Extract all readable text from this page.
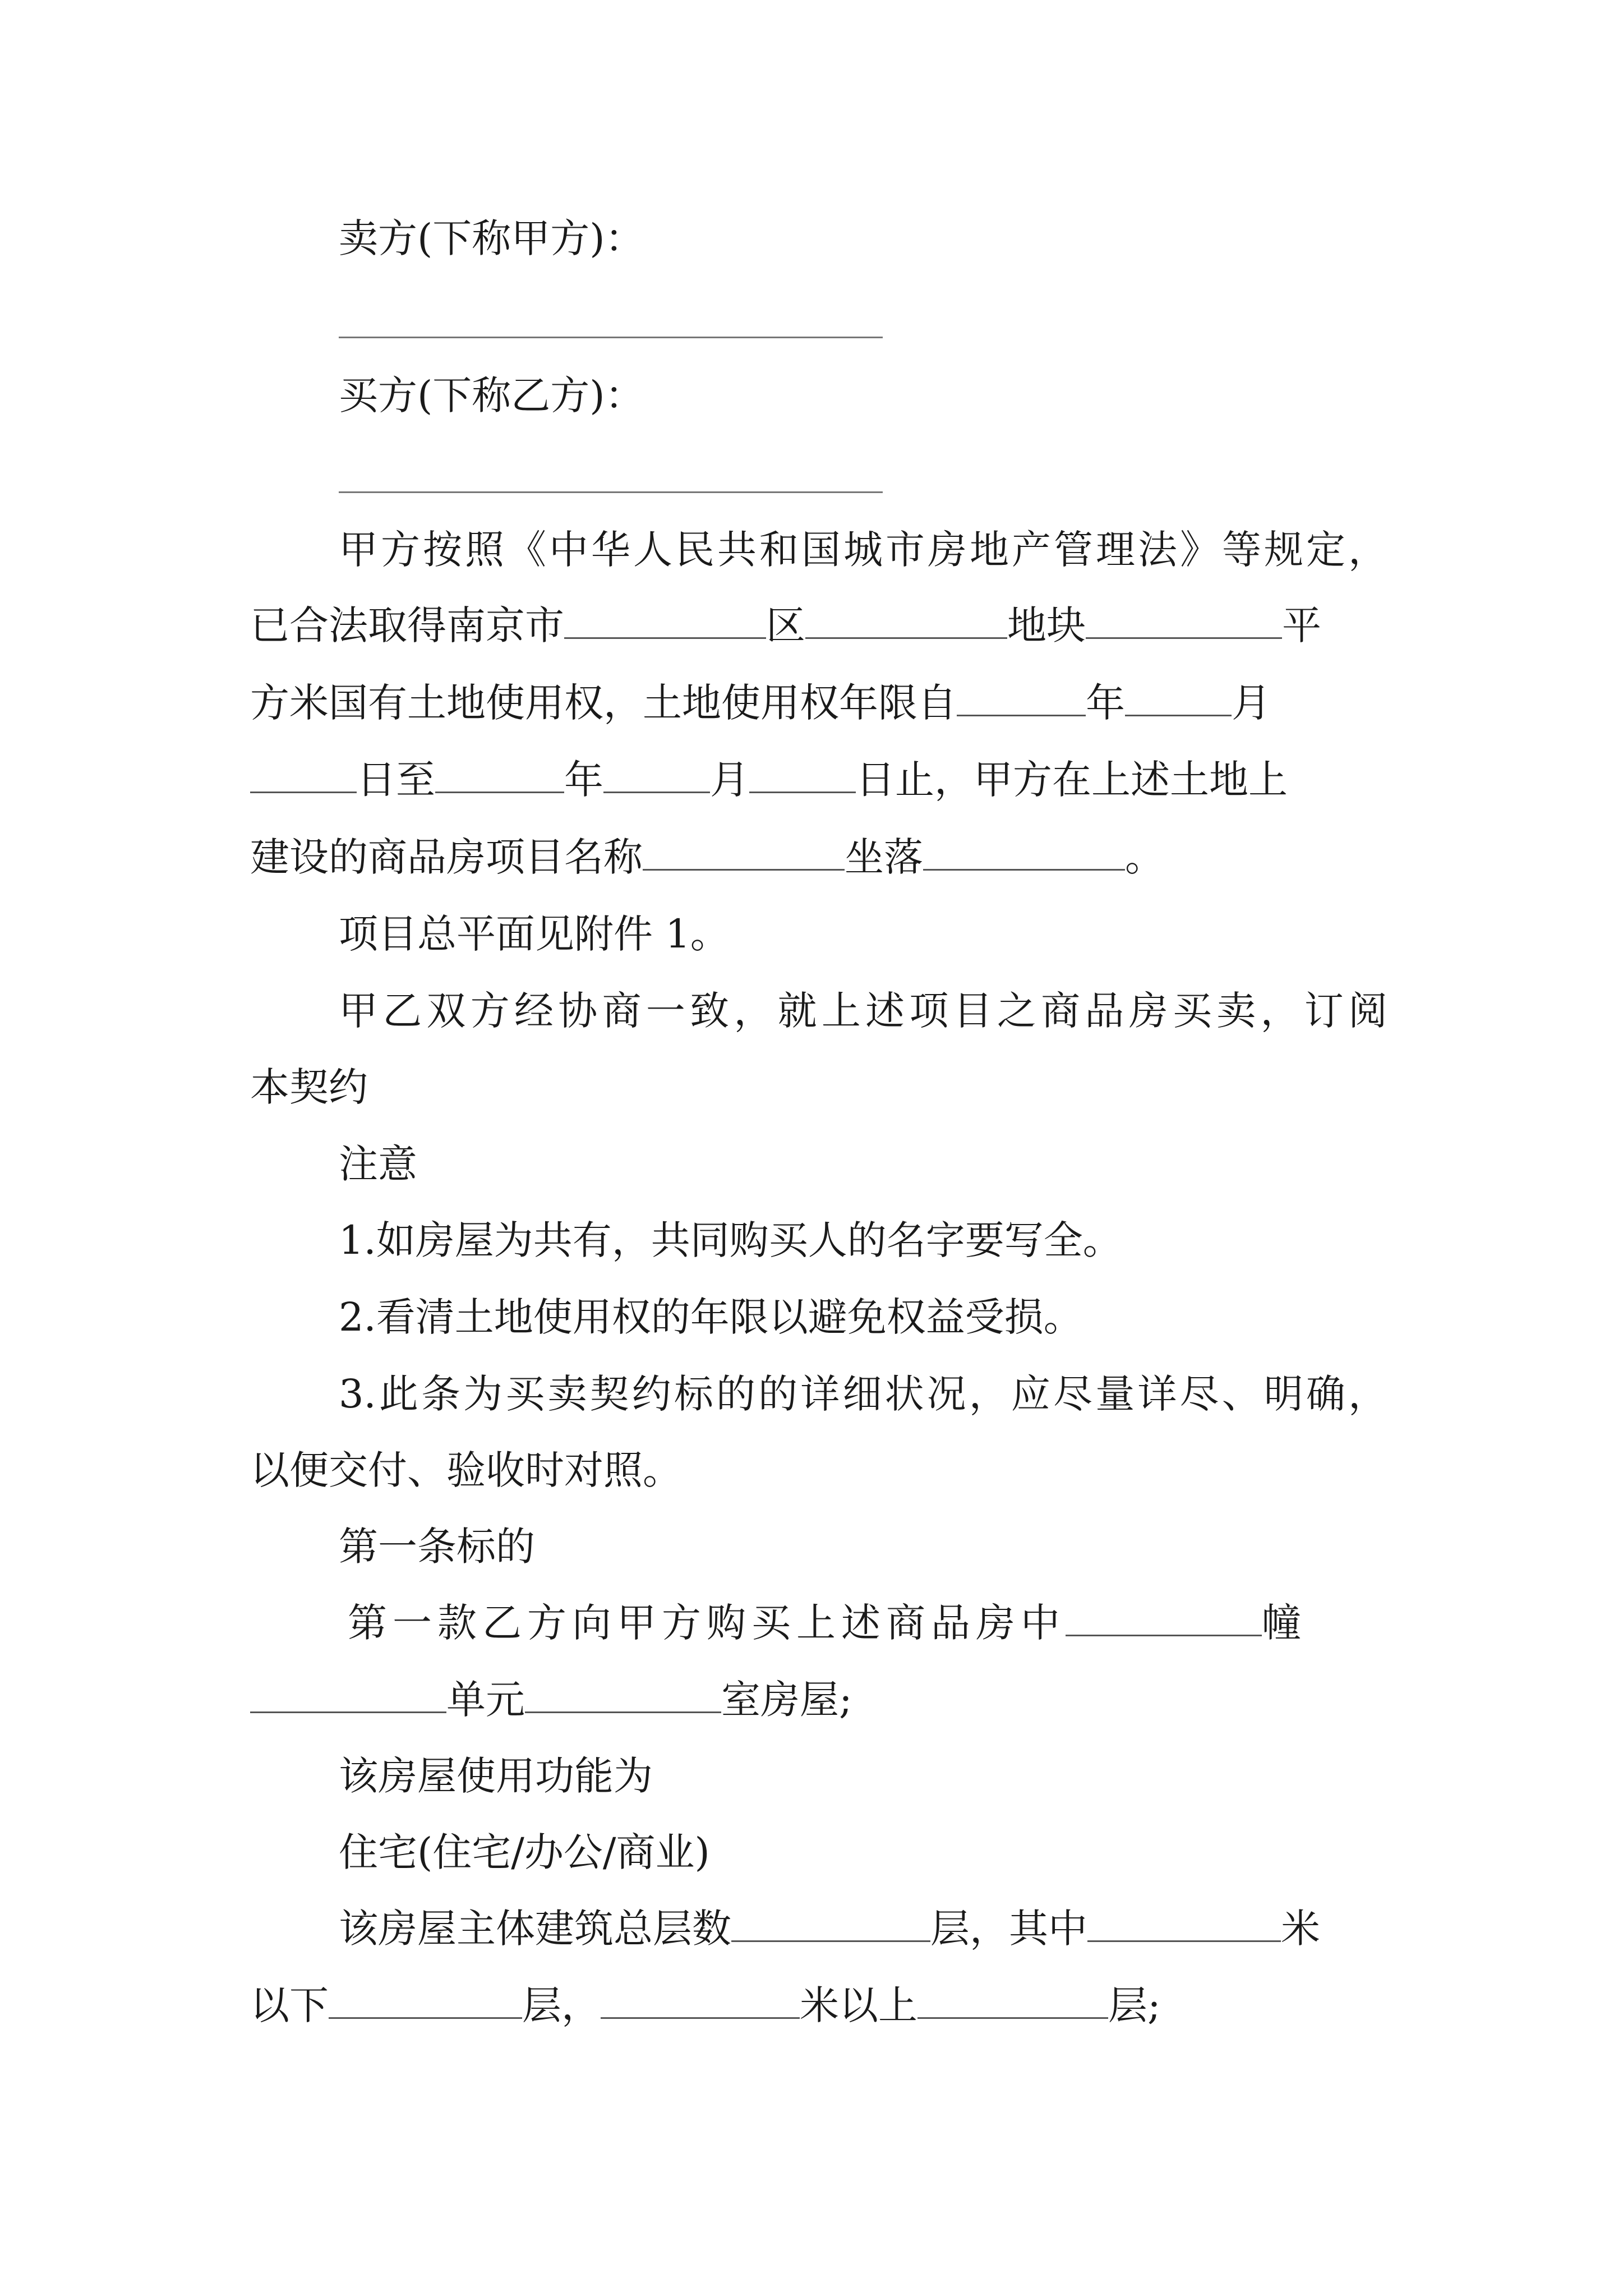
卖方(下称甲方)：
买方(下称乙方)：
甲方按照《中华人民共和国城市房地产管理法》等规定，
已合法取得南京市	区	地块	平
方米国有土地使用权，土地使用权年限自	年	月
日至	年	月	日止，甲方在上述土地上
建设的商品房项目名称	坐落	。
项目总平面见附件 1。
甲乙双方经协商一致，就上述项目之商品房买卖，订阅
本契约
注意
1.如房屋为共有，共同购买人的名字要写全。
2.看清土地使用权的年限以避免权益受损。
3.此条为买卖契约标的的详细状况，应尽量详尽、明确，
以便交付、验收时对照。
第一条标的
第一款乙方向甲方购买上述商品房中	幢
单元	室房屋;
该房屋使用功能为
住宅(住宅/办公/商业)
该房屋主体建筑总层数	层，其中	米
以下	层，	米以上	层;
